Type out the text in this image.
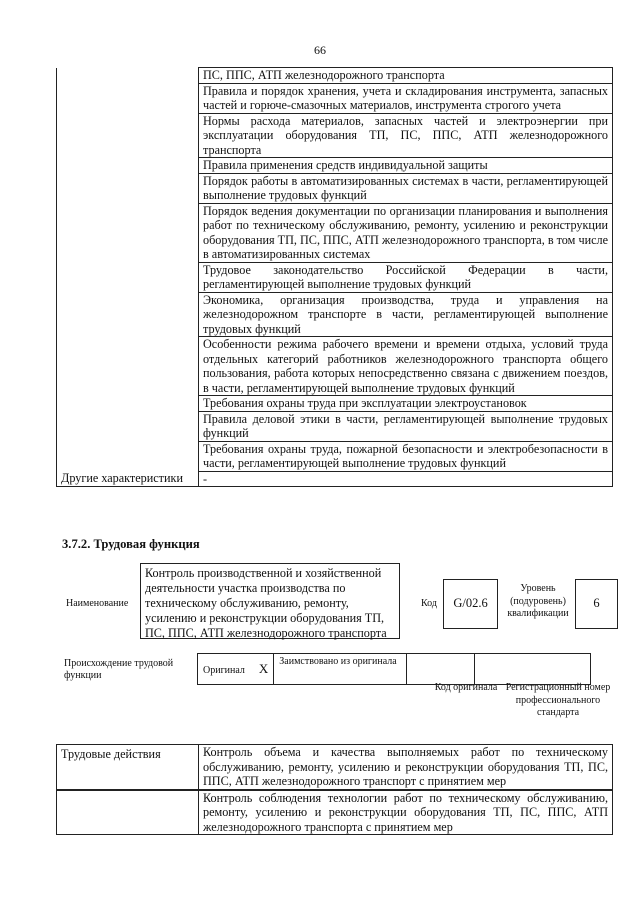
66
	ПС, ППС, АТП железнодорожного транспорта
	Правила и порядок хранения, учета и складирования инструмента, запасных частей и горюче-смазочных материалов, инструмента строгого учета
	Нормы расхода материалов, запасных частей и электроэнергии при эксплуатации оборудования ТП, ПС, ППС, АТП железнодорожного транспорта
	Правила применения средств индивидуальной защиты
	Порядок работы в автоматизированных системах в части, регламентирующей выполнение трудовых функций
	Порядок ведения документации по организации планирования и выполнения работ по техническому обслуживанию, ремонту, усилению и реконструкции оборудования ТП, ПС, ППС, АТП железнодорожного транспорта, в том числе в автоматизированных системах
	Трудовое законодательство Российской Федерации в части, регламентирующей выполнение трудовых функций
	Экономика, организация производства, труда и управления на железнодорожном транспорте в части, регламентирующей выполнение трудовых функций
	Особенности режима рабочего времени и времени отдыха, условий труда отдельных категорий работников железнодорожного транспорта общего пользования, работа которых непосредственно связана с движением поездов, в части, регламентирующей выполнение трудовых функций
	Требования охраны труда при эксплуатации электроустановок
	Правила деловой этики в части, регламентирующей выполнение трудовых функций
	Требования охраны труда, пожарной безопасности и электробезопасности в части, регламентирующей выполнение трудовых функций
Другие характеристики	-
3.7.2. Трудовая функция
Наименование
Контроль производственной и хозяйственной деятельности участка производства по техническому обслуживанию, ремонту, усилению и реконструкции оборудования ТП, ПС, ППС, АТП железнодорожного транспорта
Код	G/02.6
Уровень (подуровень) квалификации
6
Происхождение трудовой функции	Оригинал X	Заимствовано из оригинала		
Код оригинала Регистрационный номер профессионального стандарта
Трудовые действия	Контроль объема и качества выполняемых работ по техническому обслуживанию, ремонту, усилению и реконструкции оборудования ТП, ПС, ППС, АТП железнодорожного транспорт с принятием мер
	Контроль соблюдения технологии работ по техническому обслуживанию, ремонту, усилению и реконструкции оборудования ТП, ПС, ППС, АТП железнодорожного транспорта с принятием мер
